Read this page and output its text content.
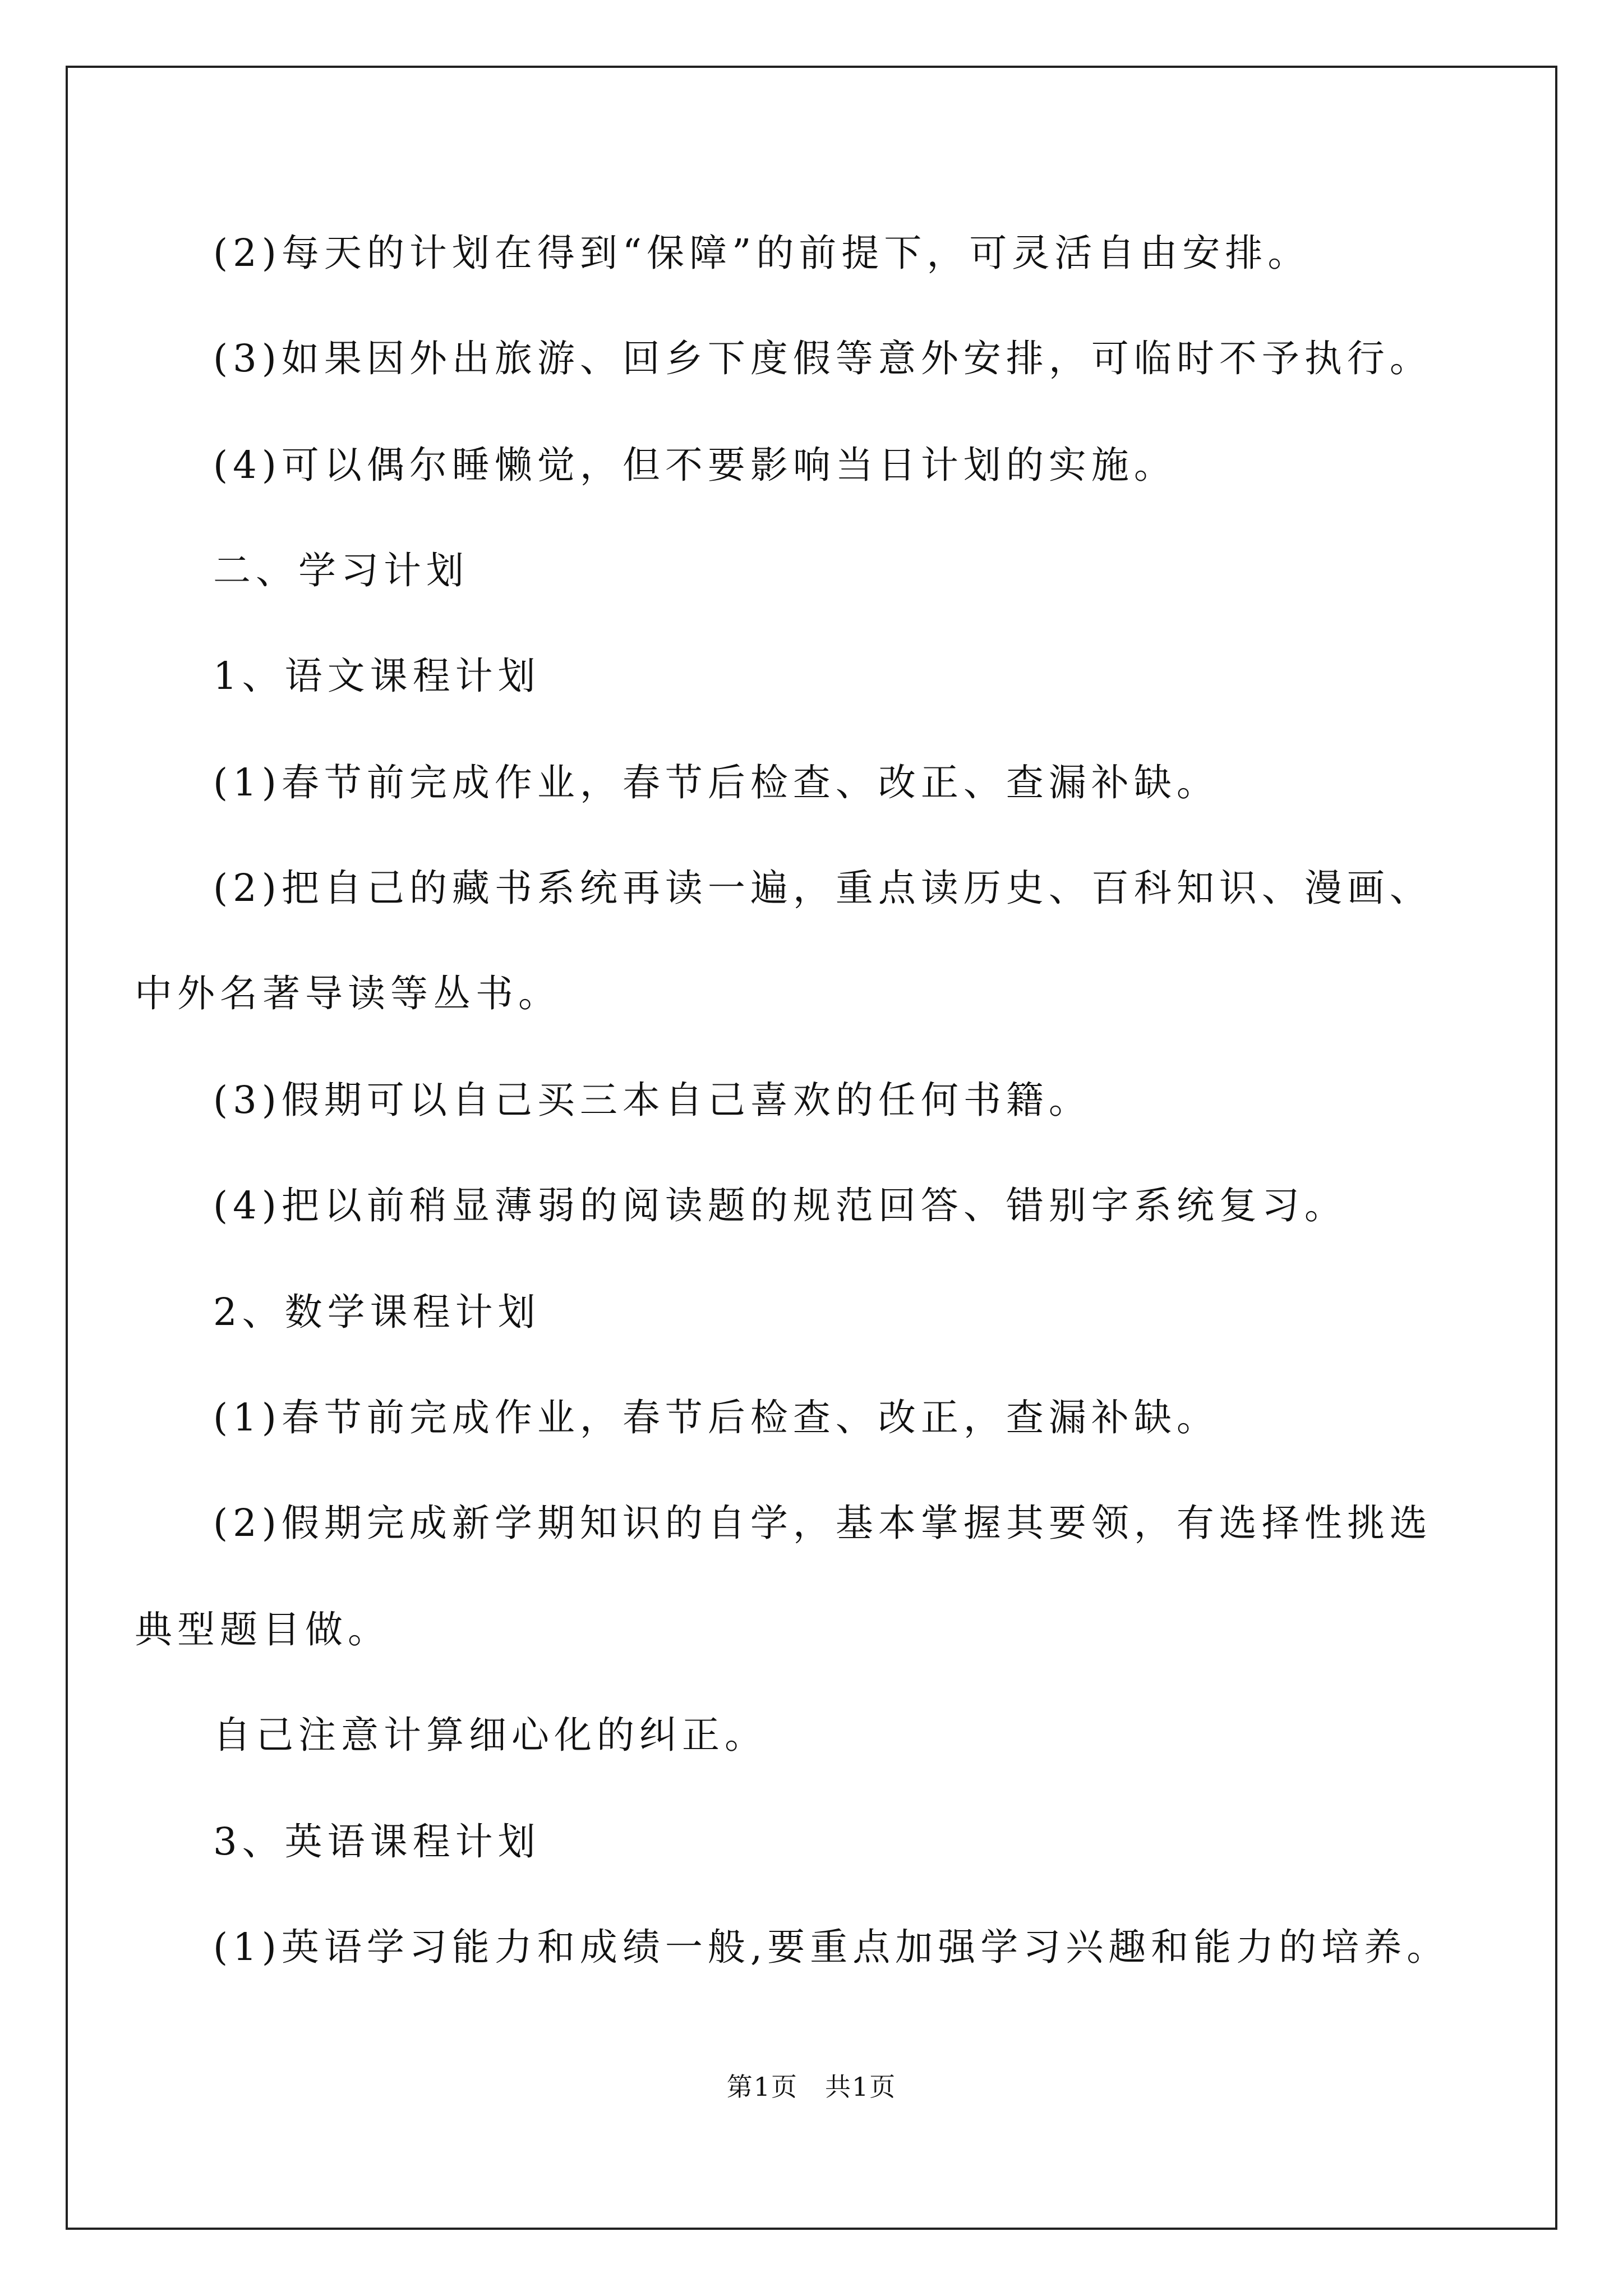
(2)每天的计划在得到“保障”的前提下，可灵活自由安排。
(3)如果因外出旅游、回乡下度假等意外安排，可临时不予执行。
(4)可以偶尔睡懒觉，但不要影响当日计划的实施。
二、学习计划
1、语文课程计划
(1)春节前完成作业，春节后检查、改正、查漏补缺。
(2)把自己的藏书系统再读一遍，重点读历史、百科知识、漫画、
中外名著导读等丛书。
(3)假期可以自己买三本自己喜欢的任何书籍。
(4)把以前稍显薄弱的阅读题的规范回答、错别字系统复习。
2、数学课程计划
(1)春节前完成作业，春节后检查、改正，查漏补缺。
(2)假期完成新学期知识的自学，基本掌握其要领，有选择性挑选
典型题目做。
自己注意计算细心化的纠正。
3、英语课程计划
(1)英语学习能力和成绩一般,要重点加强学习兴趣和能力的培养。
第1页　共1页
